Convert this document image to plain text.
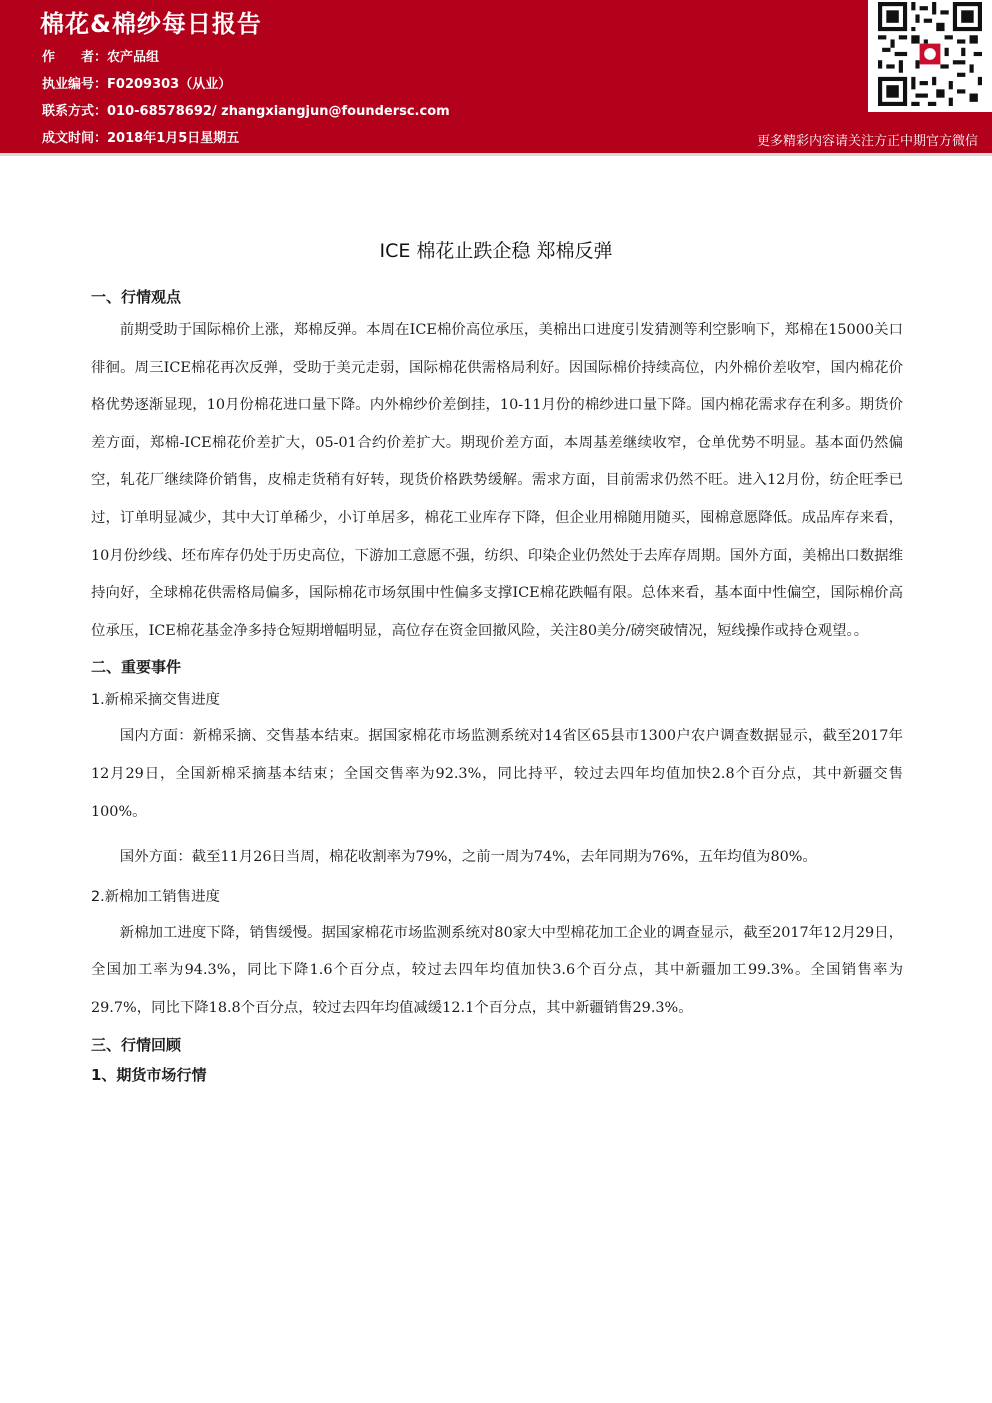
棉花&棉纱每日报告
作　　者：农产品组
执业编号：F0209303（从业）
联系方式：010-68578692/ zhangxiangjun@foundersc.com
成文时间：2018年1月5日星期五	更多精彩内容请关注方正中期官方微信
ICE 棉花止跌企稳 郑棉反弹
一、行情观点

前期受助于国际棉价上涨，郑棉反弹。本周在ICE棉价高位承压，美棉出口进度引发猜测等利空影响下，郑棉在15000关口徘徊。周三ICE棉花再次反弹，受助于美元走弱，国际棉花供需格局利好。因国际棉价持续高位，内外棉价差收窄，国内棉花价格优势逐渐显现，10月份棉花进口量下降。内外棉纱价差倒挂，10-11月份的棉纱进口量下降。国内棉花需求存在利多。期货价差方面，郑棉-ICE棉花价差扩大，05-01合约价差扩大。期现价差方面，本周基差继续收窄，仓单优势不明显。基本面仍然偏空，轧花厂继续降价销售，皮棉走货稍有好转，现货价格跌势缓解。需求方面，目前需求仍然不旺。进入12月份，纺企旺季已过，订单明显减少，其中大订单稀少，小订单居多，棉花工业库存下降，但企业用棉随用随买，囤棉意愿降低。成品库存来看，10月份纱线、坯布库存仍处于历史高位，下游加工意愿不强，纺织、印染企业仍然处于去库存周期。国外方面，美棉出口数据维持向好，全球棉花供需格局偏多，国际棉花市场氛围中性偏多支撑ICE棉花跌幅有限。总体来看，基本面中性偏空，国际棉价高位承压，ICE棉花基金净多持仓短期增幅明显，高位存在资金回撤风险，关注80美分/磅突破情况，短线操作或持仓观望。。

二、重要事件
1.新棉采摘交售进度

国内方面：新棉采摘、交售基本结束。据国家棉花市场监测系统对14省区65县市1300户农户调查数据显示，截至2017年12月29日，全国新棉采摘基本结束；全国交售率为92.3%，同比持平，较过去四年均值加快2.8个百分点，其中新疆交售100%。

国外方面：截至11月26日当周，棉花收割率为79%，之前一周为74%，去年同期为76%，五年均值为80%。

2.新棉加工销售进度

新棉加工进度下降，销售缓慢。据国家棉花市场监测系统对80家大中型棉花加工企业的调查显示，截至2017年12月29日，全国加工率为94.3%，同比下降1.6个百分点，较过去四年均值加快3.6个百分点，其中新疆加工99.3%。全国销售率为29.7%，同比下降18.8个百分点，较过去四年均值减缓12.1个百分点，其中新疆销售29.3%。

三、行情回顾
1、期货市场行情
